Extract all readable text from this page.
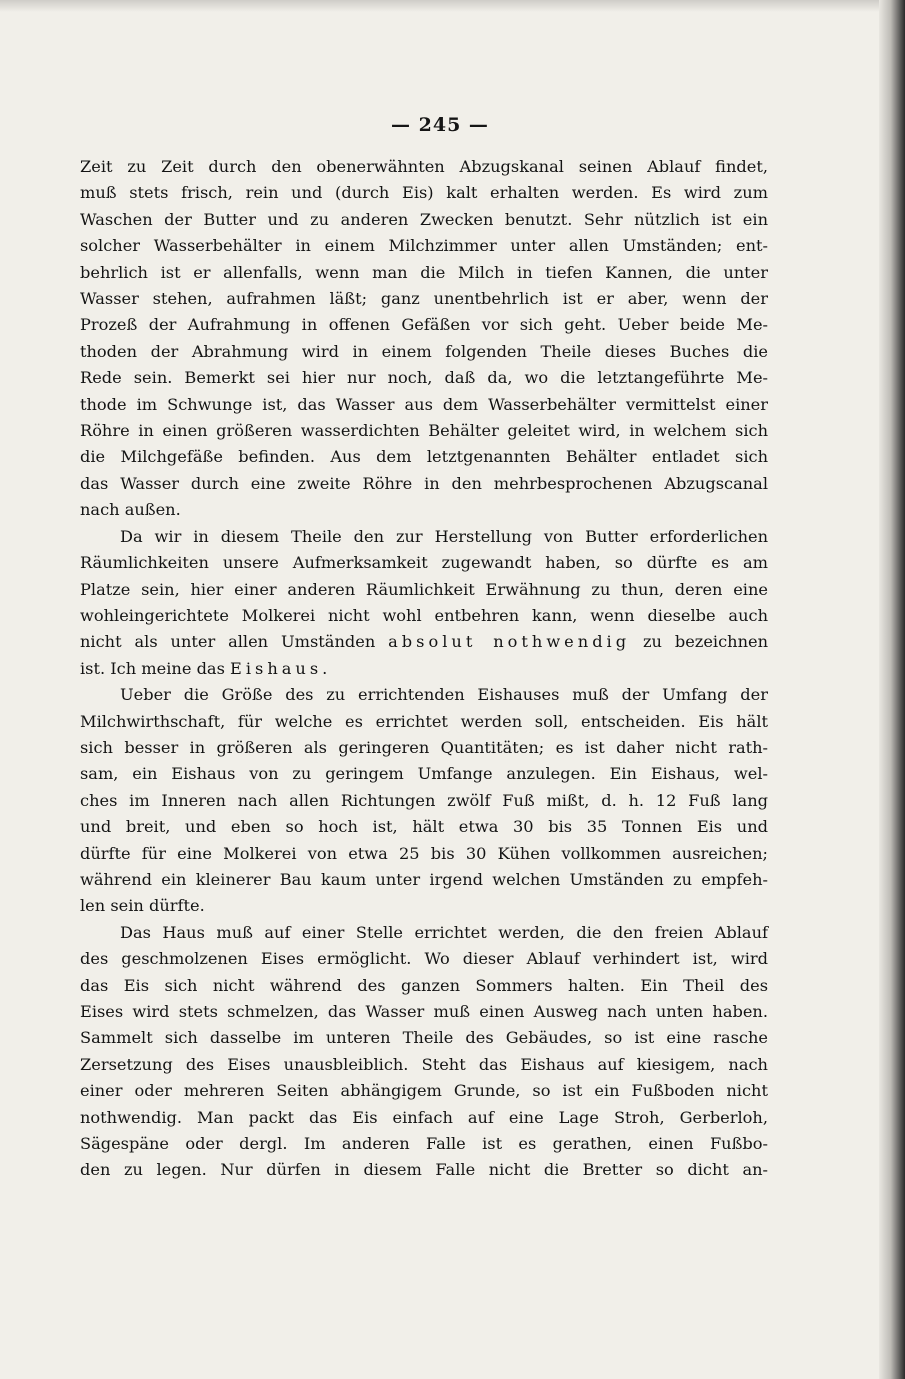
— 245 —
Zeit zu Zeit durch den obenerwähnten Abzugskanal seinen Ablauf findet,
muß stets frisch, rein und (durch Eis) kalt erhalten werden. Es wird zum
Waschen der Butter und zu anderen Zwecken benutzt. Sehr nützlich ist ein
solcher Wasserbehälter in einem Milchzimmer unter allen Umständen; ent-
behrlich ist er allenfalls, wenn man die Milch in tiefen Kannen, die unter
Wasser stehen, aufrahmen läßt; ganz unentbehrlich ist er aber, wenn der
Prozeß der Aufrahmung in offenen Gefäßen vor sich geht. Ueber beide Me-
thoden der Abrahmung wird in einem folgenden Theile dieses Buches die
Rede sein. Bemerkt sei hier nur noch, daß da, wo die letztangeführte Me-
thode im Schwunge ist, das Wasser aus dem Wasserbehälter vermittelst einer
Röhre in einen größeren wasserdichten Behälter geleitet wird, in welchem sich
die Milchgefäße befinden. Aus dem letztgenannten Behälter entladet sich
das Wasser durch eine zweite Röhre in den mehrbesprochenen Abzugscanal
nach außen.
Da wir in diesem Theile den zur Herstellung von Butter erforderlichen
Räumlichkeiten unsere Aufmerksamkeit zugewandt haben, so dürfte es am
Platze sein, hier einer anderen Räumlichkeit Erwähnung zu thun, deren eine
wohleingerichtete Molkerei nicht wohl entbehren kann, wenn dieselbe auch
nicht als unter allen Umständen absolut nothwendig zu bezeichnen
ist. Ich meine das Eishaus.
Ueber die Größe des zu errichtenden Eishauses muß der Umfang der
Milchwirthschaft, für welche es errichtet werden soll, entscheiden. Eis hält
sich besser in größeren als geringeren Quantitäten; es ist daher nicht rath-
sam, ein Eishaus von zu geringem Umfange anzulegen. Ein Eishaus, wel-
ches im Inneren nach allen Richtungen zwölf Fuß mißt, d. h. 12 Fuß lang
und breit, und eben so hoch ist, hält etwa 30 bis 35 Tonnen Eis und
dürfte für eine Molkerei von etwa 25 bis 30 Kühen vollkommen ausreichen;
während ein kleinerer Bau kaum unter irgend welchen Umständen zu empfeh-
len sein dürfte.
Das Haus muß auf einer Stelle errichtet werden, die den freien Ablauf
des geschmolzenen Eises ermöglicht. Wo dieser Ablauf verhindert ist, wird
das Eis sich nicht während des ganzen Sommers halten. Ein Theil des
Eises wird stets schmelzen, das Wasser muß einen Ausweg nach unten haben.
Sammelt sich dasselbe im unteren Theile des Gebäudes, so ist eine rasche
Zersetzung des Eises unausbleiblich. Steht das Eishaus auf kiesigem, nach
einer oder mehreren Seiten abhängigem Grunde, so ist ein Fußboden nicht
nothwendig. Man packt das Eis einfach auf eine Lage Stroh, Gerberloh,
Sägespäne oder dergl. Im anderen Falle ist es gerathen, einen Fußbo-
den zu legen. Nur dürfen in diesem Falle nicht die Bretter so dicht an-
